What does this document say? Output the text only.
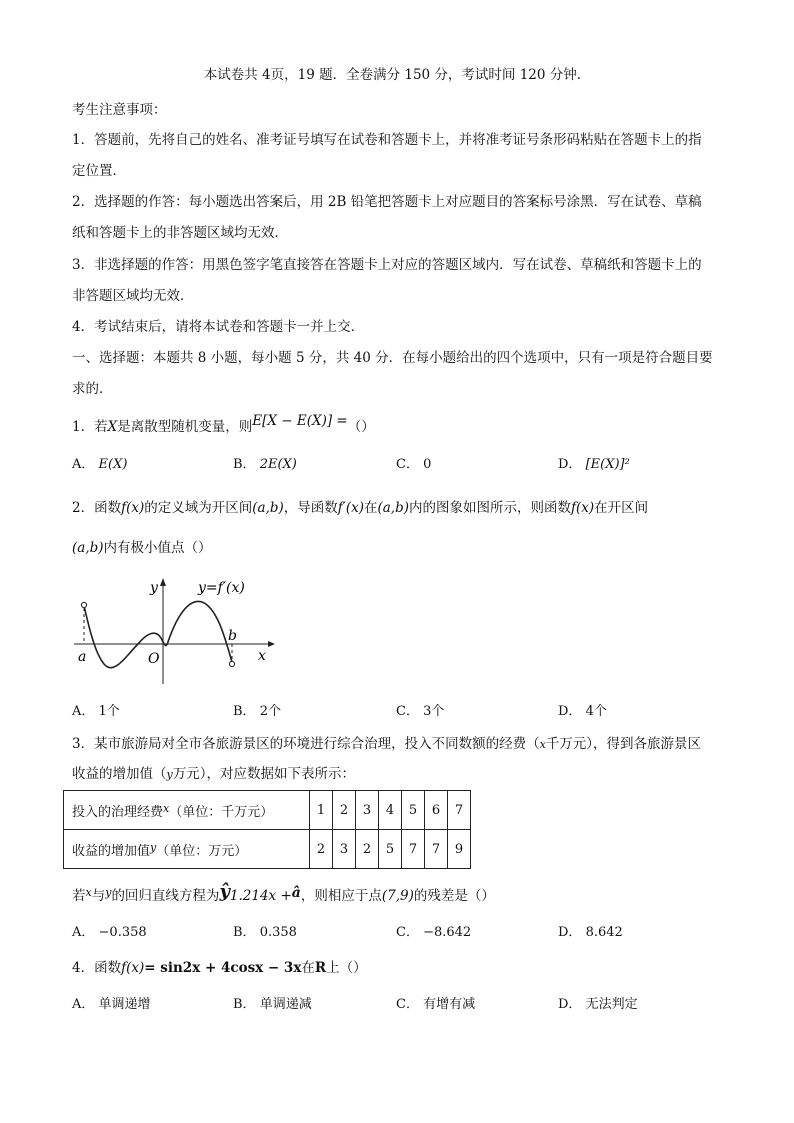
本试卷共 4页，19 题．全卷满分 150 分，考试时间 120 分钟．
考生注意事项：
1．答题前，先将自己的姓名、准考证号填写在试卷和答题卡上，并将准考证号条形码粘贴在答题卡上的指
定位置．
2．选择题的作答：每小题选出答案后，用 2B 铅笔把答题卡上对应题目的答案标号涂黑．写在试卷、草稿
纸和答题卡上的非答题区域均无效．
3．非选择题的作答：用黑色签字笔直接答在答题卡上对应的答题区域内．写在试卷、草稿纸和答题卡上的
非答题区域均无效．
4．考试结束后，请将本试卷和答题卡一并上交．
一、选择题：本题共 8 小题，每小题 5 分，共 40 分．在每小题给出的四个选项中，只有一项是符合题目要
求的．
1．若X是离散型随机变量，则E[X − E(X)] =（）
A． E(X)	B． 2E(X)	C． 0	D． [E(X)]²
2．函数f(x)的定义域为开区间(a,b)，导函数f′(x)在(a,b)内的图象如图所示，则函数f(x)在开区间
(a,b)内有极小值点（）
y=f′(x)
y
x
O
a
b
A． 1个	B． 2个	C． 3个	D． 4个
3．某市旅游局对全市各旅游景区的环境进行综合治理，投入不同数额的经费（x千万元），得到各旅游景区
收益的增加值（y万元），对应数据如下表所示：
投入的治理经费$^x$（单位：千万元）	1	2	3	4	5	6	7
收益的增加值$^y$（单位：万元）	2	3	2	5	7	7	9
若$^x$与$^y$的回归直线方程为ŷ1.214x +â，则相应于点(7,9)的残差是（）
A． −0.358	B． 0.358	C． −8.642	D． 8.642
4．函数f(x)= sin2x + 4cosx − 3x在R上（）
A． 单调递增	B． 单调递减	C． 有增有减	D． 无法判定
